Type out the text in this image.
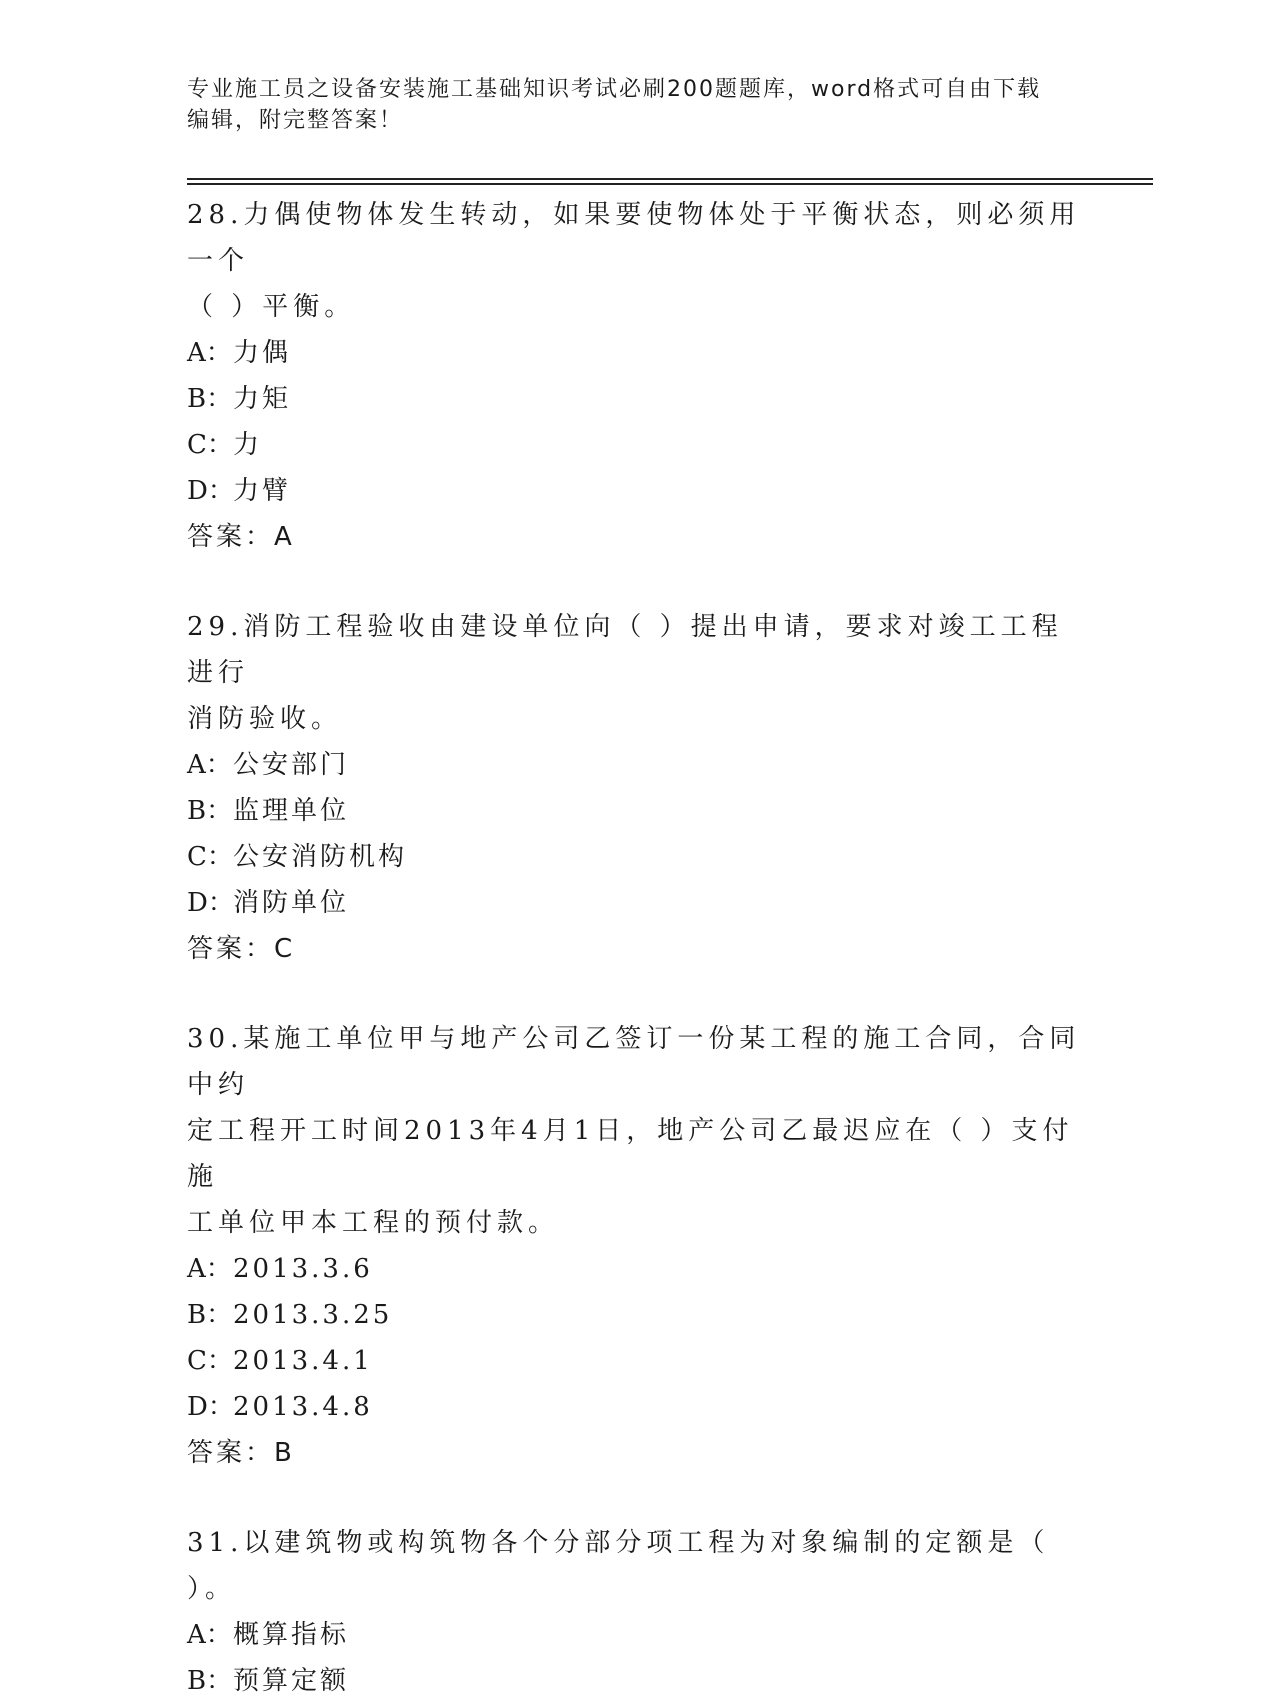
专业施工员之设备安装施工基础知识考试必刷200题题库，word格式可自由下载
编辑，附完整答案！
28.力偶使物体发生转动，如果要使物体处于平衡状态，则必须用一个
（ ）平衡。
A：力偶
B：力矩
C：力
D：力臂
答案：A
29.消防工程验收由建设单位向（ ）提出申请，要求对竣工工程进行
消防验收。
A：公安部门
B：监理单位
C：公安消防机构
D：消防单位
答案：C
30.某施工单位甲与地产公司乙签订一份某工程的施工合同，合同中约
定工程开工时间2013年4月1日，地产公司乙最迟应在（ ）支付施
工单位甲本工程的预付款。
A：2013.3.6
B：2013.3.25
C：2013.4.1
D：2013.4.8
答案：B
31.以建筑物或构筑物各个分部分项工程为对象编制的定额是（ ）。
A：概算指标
B：预算定额
